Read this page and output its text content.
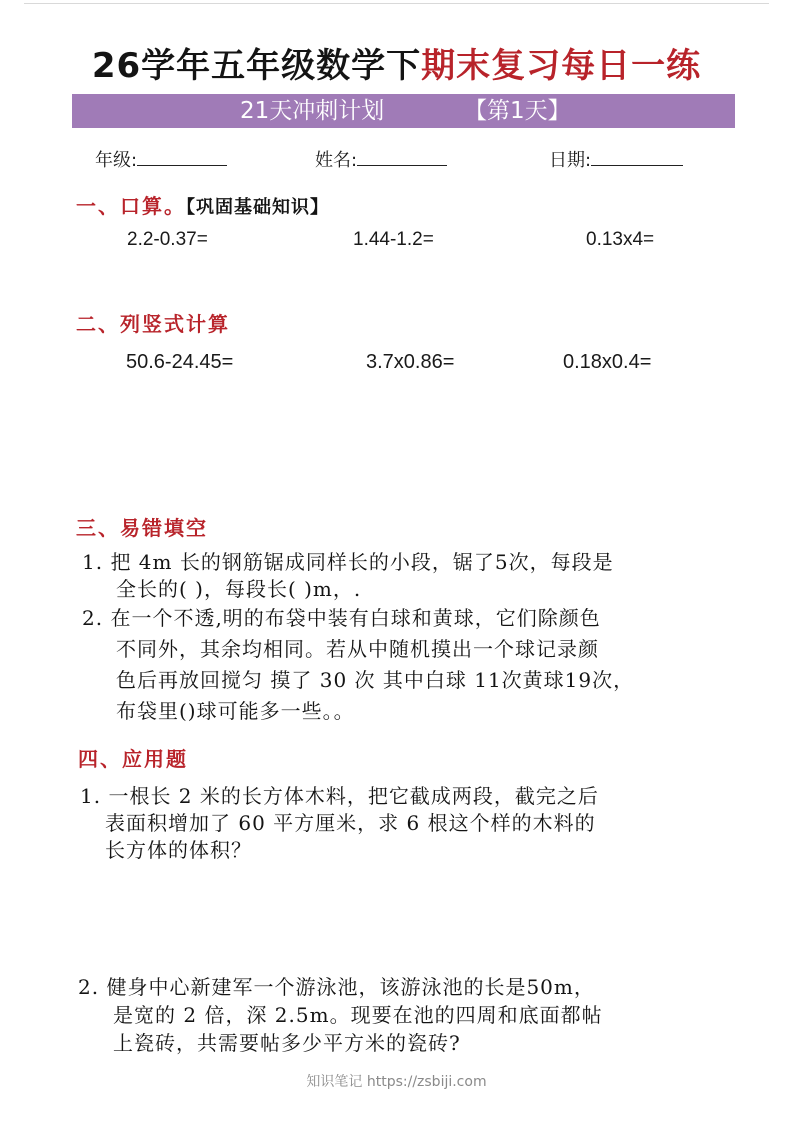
26学年五年级数学下期末复习每日一练
21天冲刺计划	【第1天】
年级:	姓名:	日期:
一、口算。【巩固基础知识】
2.2-0.37=	1.44-1.2=	0.13x4=
二、列竖式计算
50.6-24.45=	3.7x0.86=	0.18x0.4=
三、易错填空
1. 把 4m 长的钢筋锯成同样长的小段，锯了5次，每段是
全长的( )，每段长( )m，.
2. 在一个不透,明的布袋中装有白球和黄球，它们除颜色
不同外，其余均相同。若从中随机摸出一个球记录颜
色后再放回搅匀 摸了 30 次 其中白球 11次黄球19次，
布袋里()球可能多一些。。
四、应用题
1. 一根长 2 米的长方体木料，把它截成两段，截完之后
表面积增加了 60 平方厘米，求 6 根这个样的木料的
长方体的体积？
2. 健身中心新建军一个游泳池，该游泳池的长是50m，
是宽的 2 倍，深 2.5m。现要在池的四周和底面都帖
上瓷砖，共需要帖多少平方米的瓷砖?
知识笔记 https://zsbiji.com
